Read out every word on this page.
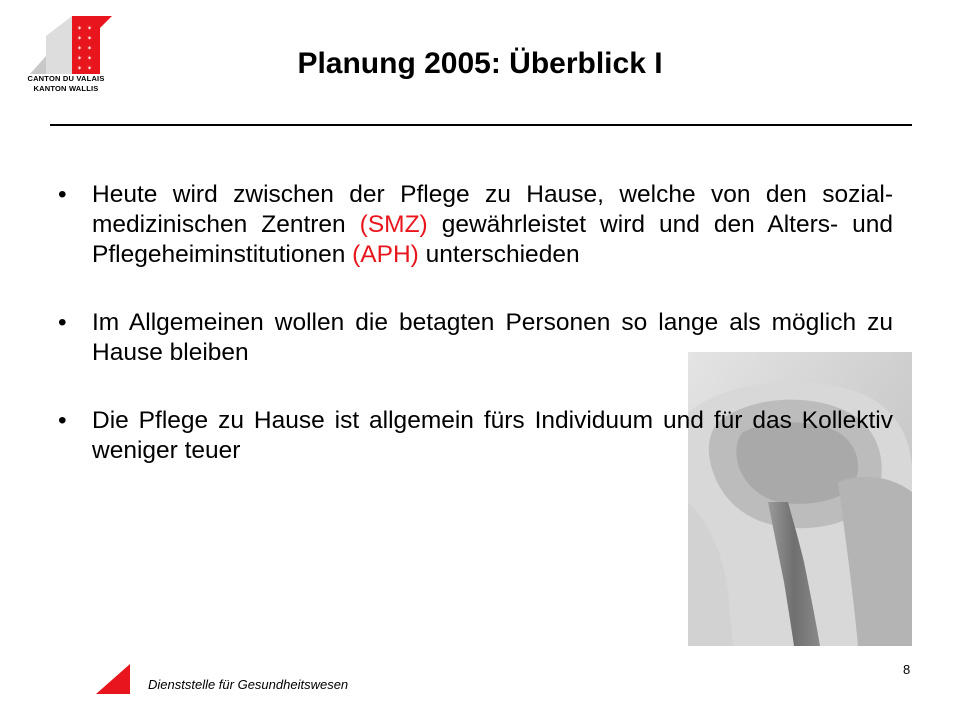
✶ ✶
✶ ✶
✶ ✶
✶ ✶
✶ ✶
CANTON DU VALAIS
KANTON WALLIS
Planung 2005: Überblick I
• Heute wird zwischen der Pflege zu Hause, welche von den sozial-medizinischen Zentren (SMZ) gewährleistet wird und den Alters- und Pflegeheiminstitutionen (APH) unterschieden
• Im Allgemeinen wollen die betagten Personen so lange als möglich zu Hause bleiben
• Die Pflege zu Hause ist allgemein fürs Individuum und für das Kollektiv weniger teuer
Dienststelle für Gesundheitswesen
8
